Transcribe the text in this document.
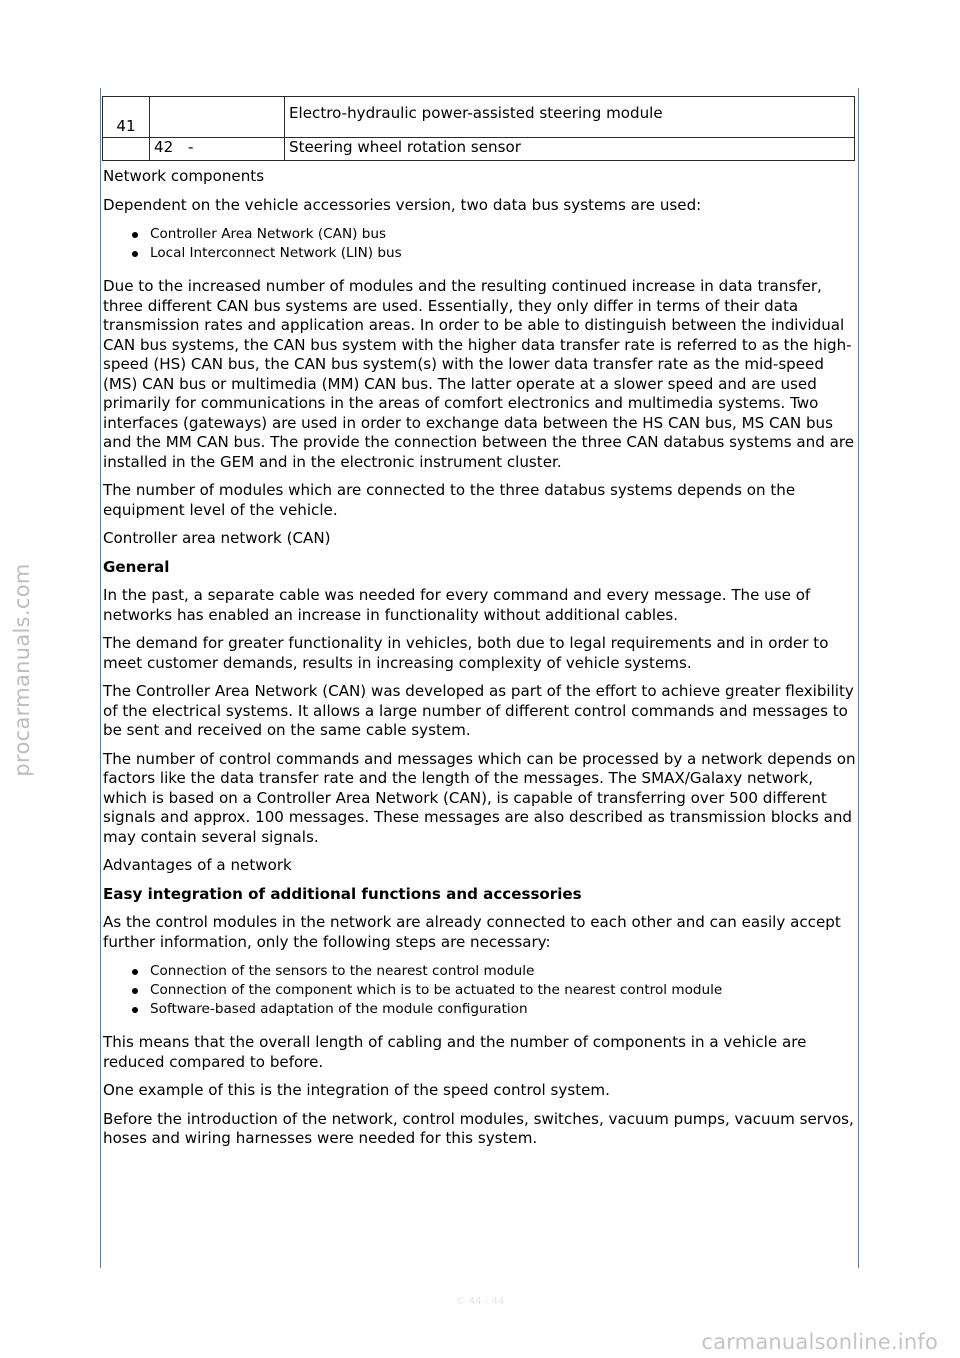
procarmanuals.com
41		Electro-hydraulic power-assisted steering module
	42 -	Steering wheel rotation sensor

Network components

Dependent on the vehicle accessories version, two data bus systems are used:

Controller Area Network (CAN) bus
Local Interconnect Network (LIN) bus

Due to the increased number of modules and the resulting continued increase in data transfer, three different CAN bus systems are used. Essentially, they only differ in terms of their data transmission rates and application areas. In order to be able to distinguish between the individual CAN bus systems, the CAN bus system with the higher data transfer rate is referred to as the high-speed (HS) CAN bus, the CAN bus system(s) with the lower data transfer rate as the mid-speed (MS) CAN bus or multimedia (MM) CAN bus. The latter operate at a slower speed and are used primarily for communications in the areas of comfort electronics and multimedia systems. Two interfaces (gateways) are used in order to exchange data between the HS CAN bus, MS CAN bus and the MM CAN bus. The provide the connection between the three CAN databus systems and are installed in the GEM and in the electronic instrument cluster.

The number of modules which are connected to the three databus systems depends on the equipment level of the vehicle.

Controller area network (CAN)

General

In the past, a separate cable was needed for every command and every message. The use of networks has enabled an increase in functionality without additional cables.

The demand for greater functionality in vehicles, both due to legal requirements and in order to meet customer demands, results in increasing complexity of vehicle systems.

The Controller Area Network (CAN) was developed as part of the effort to achieve greater flexibility of the electrical systems. It allows a large number of different control commands and messages to be sent and received on the same cable system.

The number of control commands and messages which can be processed by a network depends on factors like the data transfer rate and the length of the messages. The SMAX/Galaxy network, which is based on a Controller Area Network (CAN), is capable of transferring over 500 different signals and approx. 100 messages. These messages are also described as transmission blocks and may contain several signals.

Advantages of a network

Easy integration of additional functions and accessories

As the control modules in the network are already connected to each other and can easily accept further information, only the following steps are necessary:

Connection of the sensors to the nearest control module
Connection of the component which is to be actuated to the nearest control module
Software-based adaptation of the module configuration

This means that the overall length of cabling and the number of components in a vehicle are reduced compared to before.

One example of this is the integration of the speed control system.

Before the introduction of the network, control modules, switches, vacuum pumps, vacuum servos, hoses and wiring harnesses were needed for this system.

© 44 - 44
carmanualsonline.info
